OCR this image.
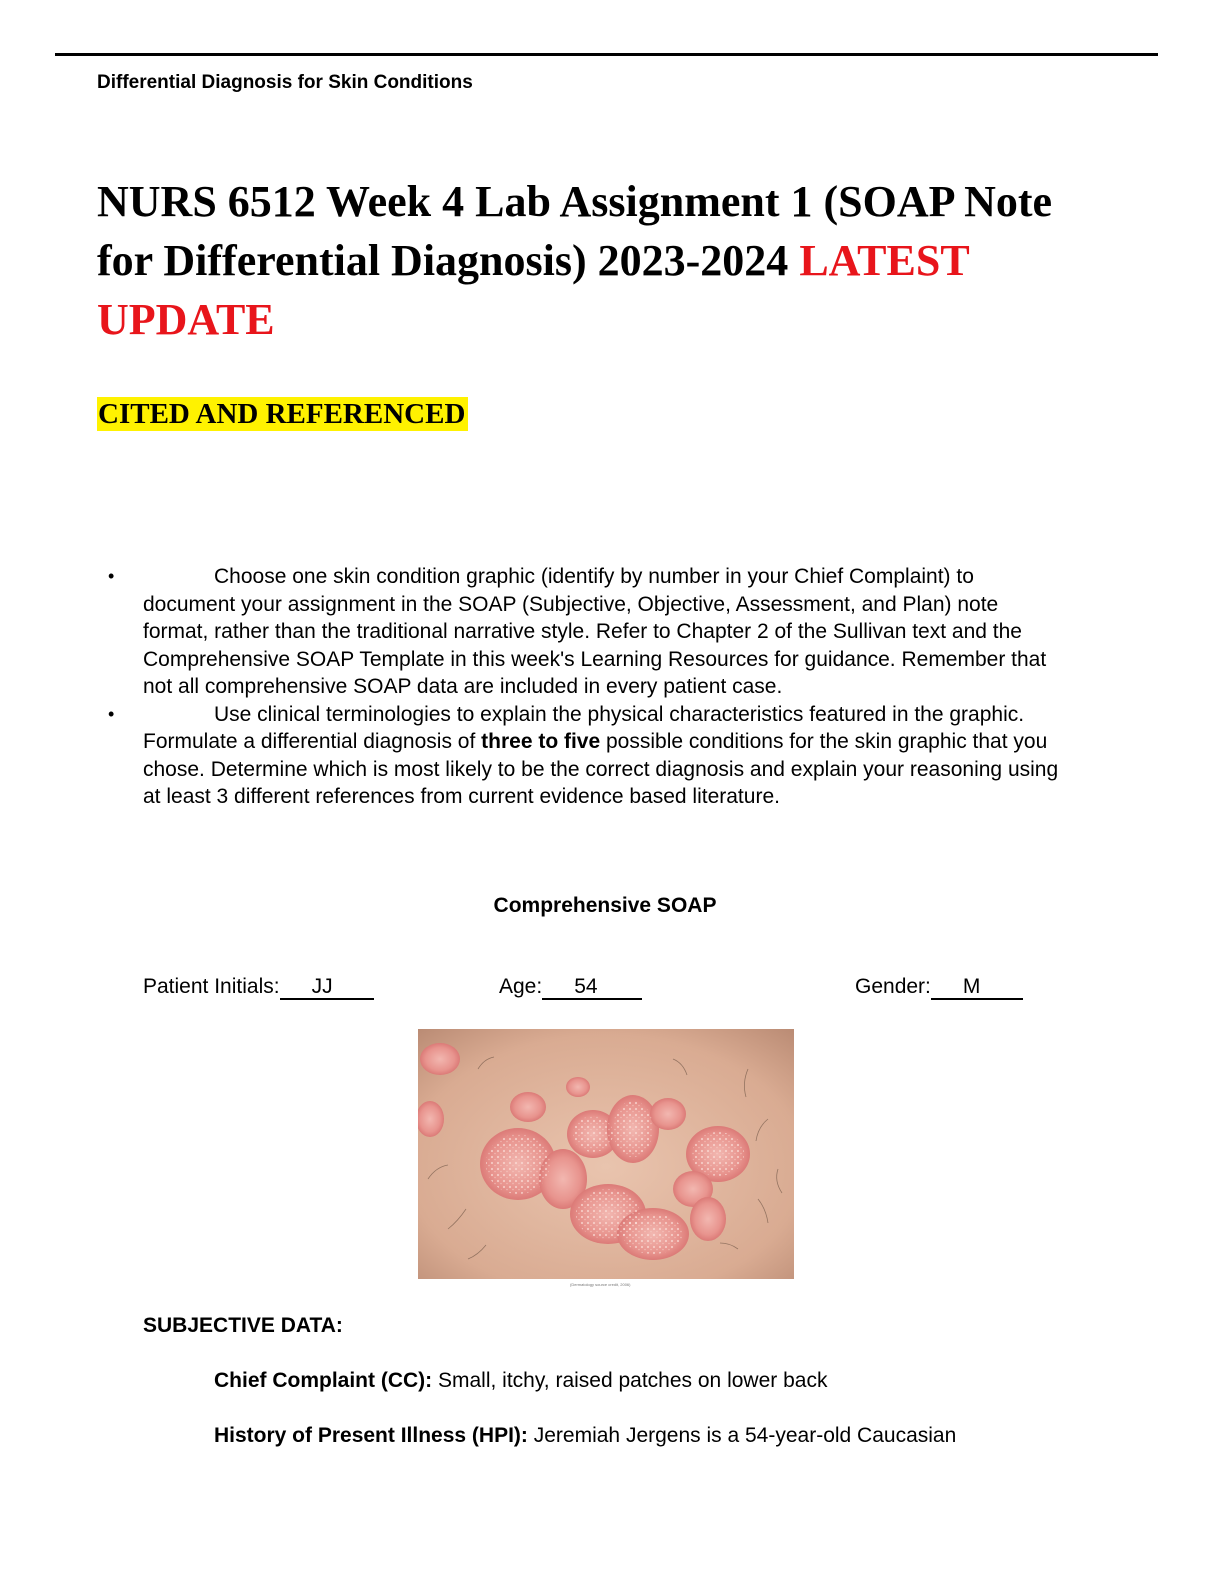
Differential Diagnosis for Skin Conditions
NURS 6512 Week 4 Lab Assignment 1 (SOAP Note for Differential Diagnosis) 2023-2024 LATEST UPDATE
CITED AND REFERENCED
•	Choose one skin condition graphic (identify by number in your Chief Complaint) to document your assignment in the SOAP (Subjective, Objective, Assessment, and Plan) note format, rather than the traditional narrative style. Refer to Chapter 2 of the Sullivan text and the Comprehensive SOAP Template in this week's Learning Resources for guidance. Remember that not all comprehensive SOAP data are included in every patient case.
•	Use clinical terminologies to explain the physical characteristics featured in the graphic. Formulate a differential diagnosis of three to five possible conditions for the skin graphic that you chose. Determine which is most likely to be the correct diagnosis and explain your reasoning using at least 3 different references from current evidence based literature.
Comprehensive SOAP
Patient Initials: JJ	Age: 54	Gender: M
(Dermatology source credit, 2006)
SUBJECTIVE DATA:
Chief Complaint (CC): Small, itchy, raised patches on lower back
History of Present Illness (HPI): Jeremiah Jergens is a 54-year-old Caucasian
